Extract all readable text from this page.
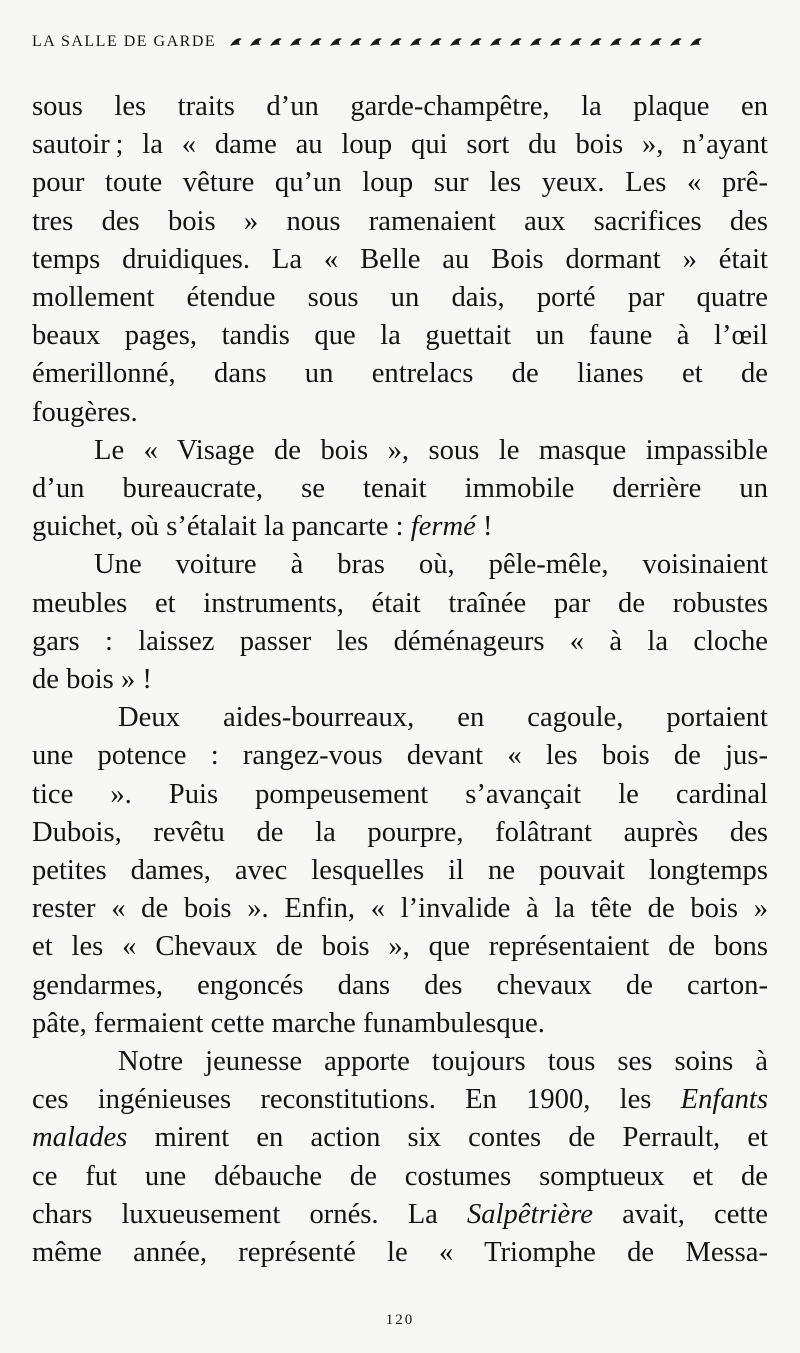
LA SALLE DE GARDE

sous les traits d’un garde-champêtre, la plaque en
sautoir ; la « dame au loup qui sort du bois », n’ayant
pour toute vêture qu’un loup sur les yeux. Les « prê-
tres des bois » nous ramenaient aux sacrifices des
temps druidiques. La « Belle au Bois dormant » était
mollement étendue sous un dais, porté par quatre
beaux pages, tandis que la guettait un faune à l’œil
émerillonné, dans un entrelacs de lianes et de
fougères.

Le « Visage de bois », sous le masque impassible
d’un bureaucrate, se tenait immobile derrière un
guichet, où s’étalait la pancarte : fermé !

Une voiture à bras où, pêle-mêle, voisinaient
meubles et instruments, était traînée par de robustes
gars : laissez passer les déménageurs « à la cloche
de bois » !

Deux aides-bourreaux, en cagoule, portaient
une potence : rangez-vous devant « les bois de jus-
tice ». Puis pompeusement s’avançait le cardinal
Dubois, revêtu de la pourpre, folâtrant auprès des
petites dames, avec lesquelles il ne pouvait longtemps
rester « de bois ». Enfin, « l’invalide à la tête de bois »
et les « Chevaux de bois », que représentaient de bons
gendarmes, engoncés dans des chevaux de carton-
pâte, fermaient cette marche funambulesque.

Notre jeunesse apporte toujours tous ses soins à
ces ingénieuses reconstitutions. En 1900, les Enfants
malades mirent en action six contes de Perrault, et
ce fut une débauche de costumes somptueux et de
chars luxueusement ornés. La Salpêtrière avait, cette
même année, représenté le « Triomphe de Messa-

120
